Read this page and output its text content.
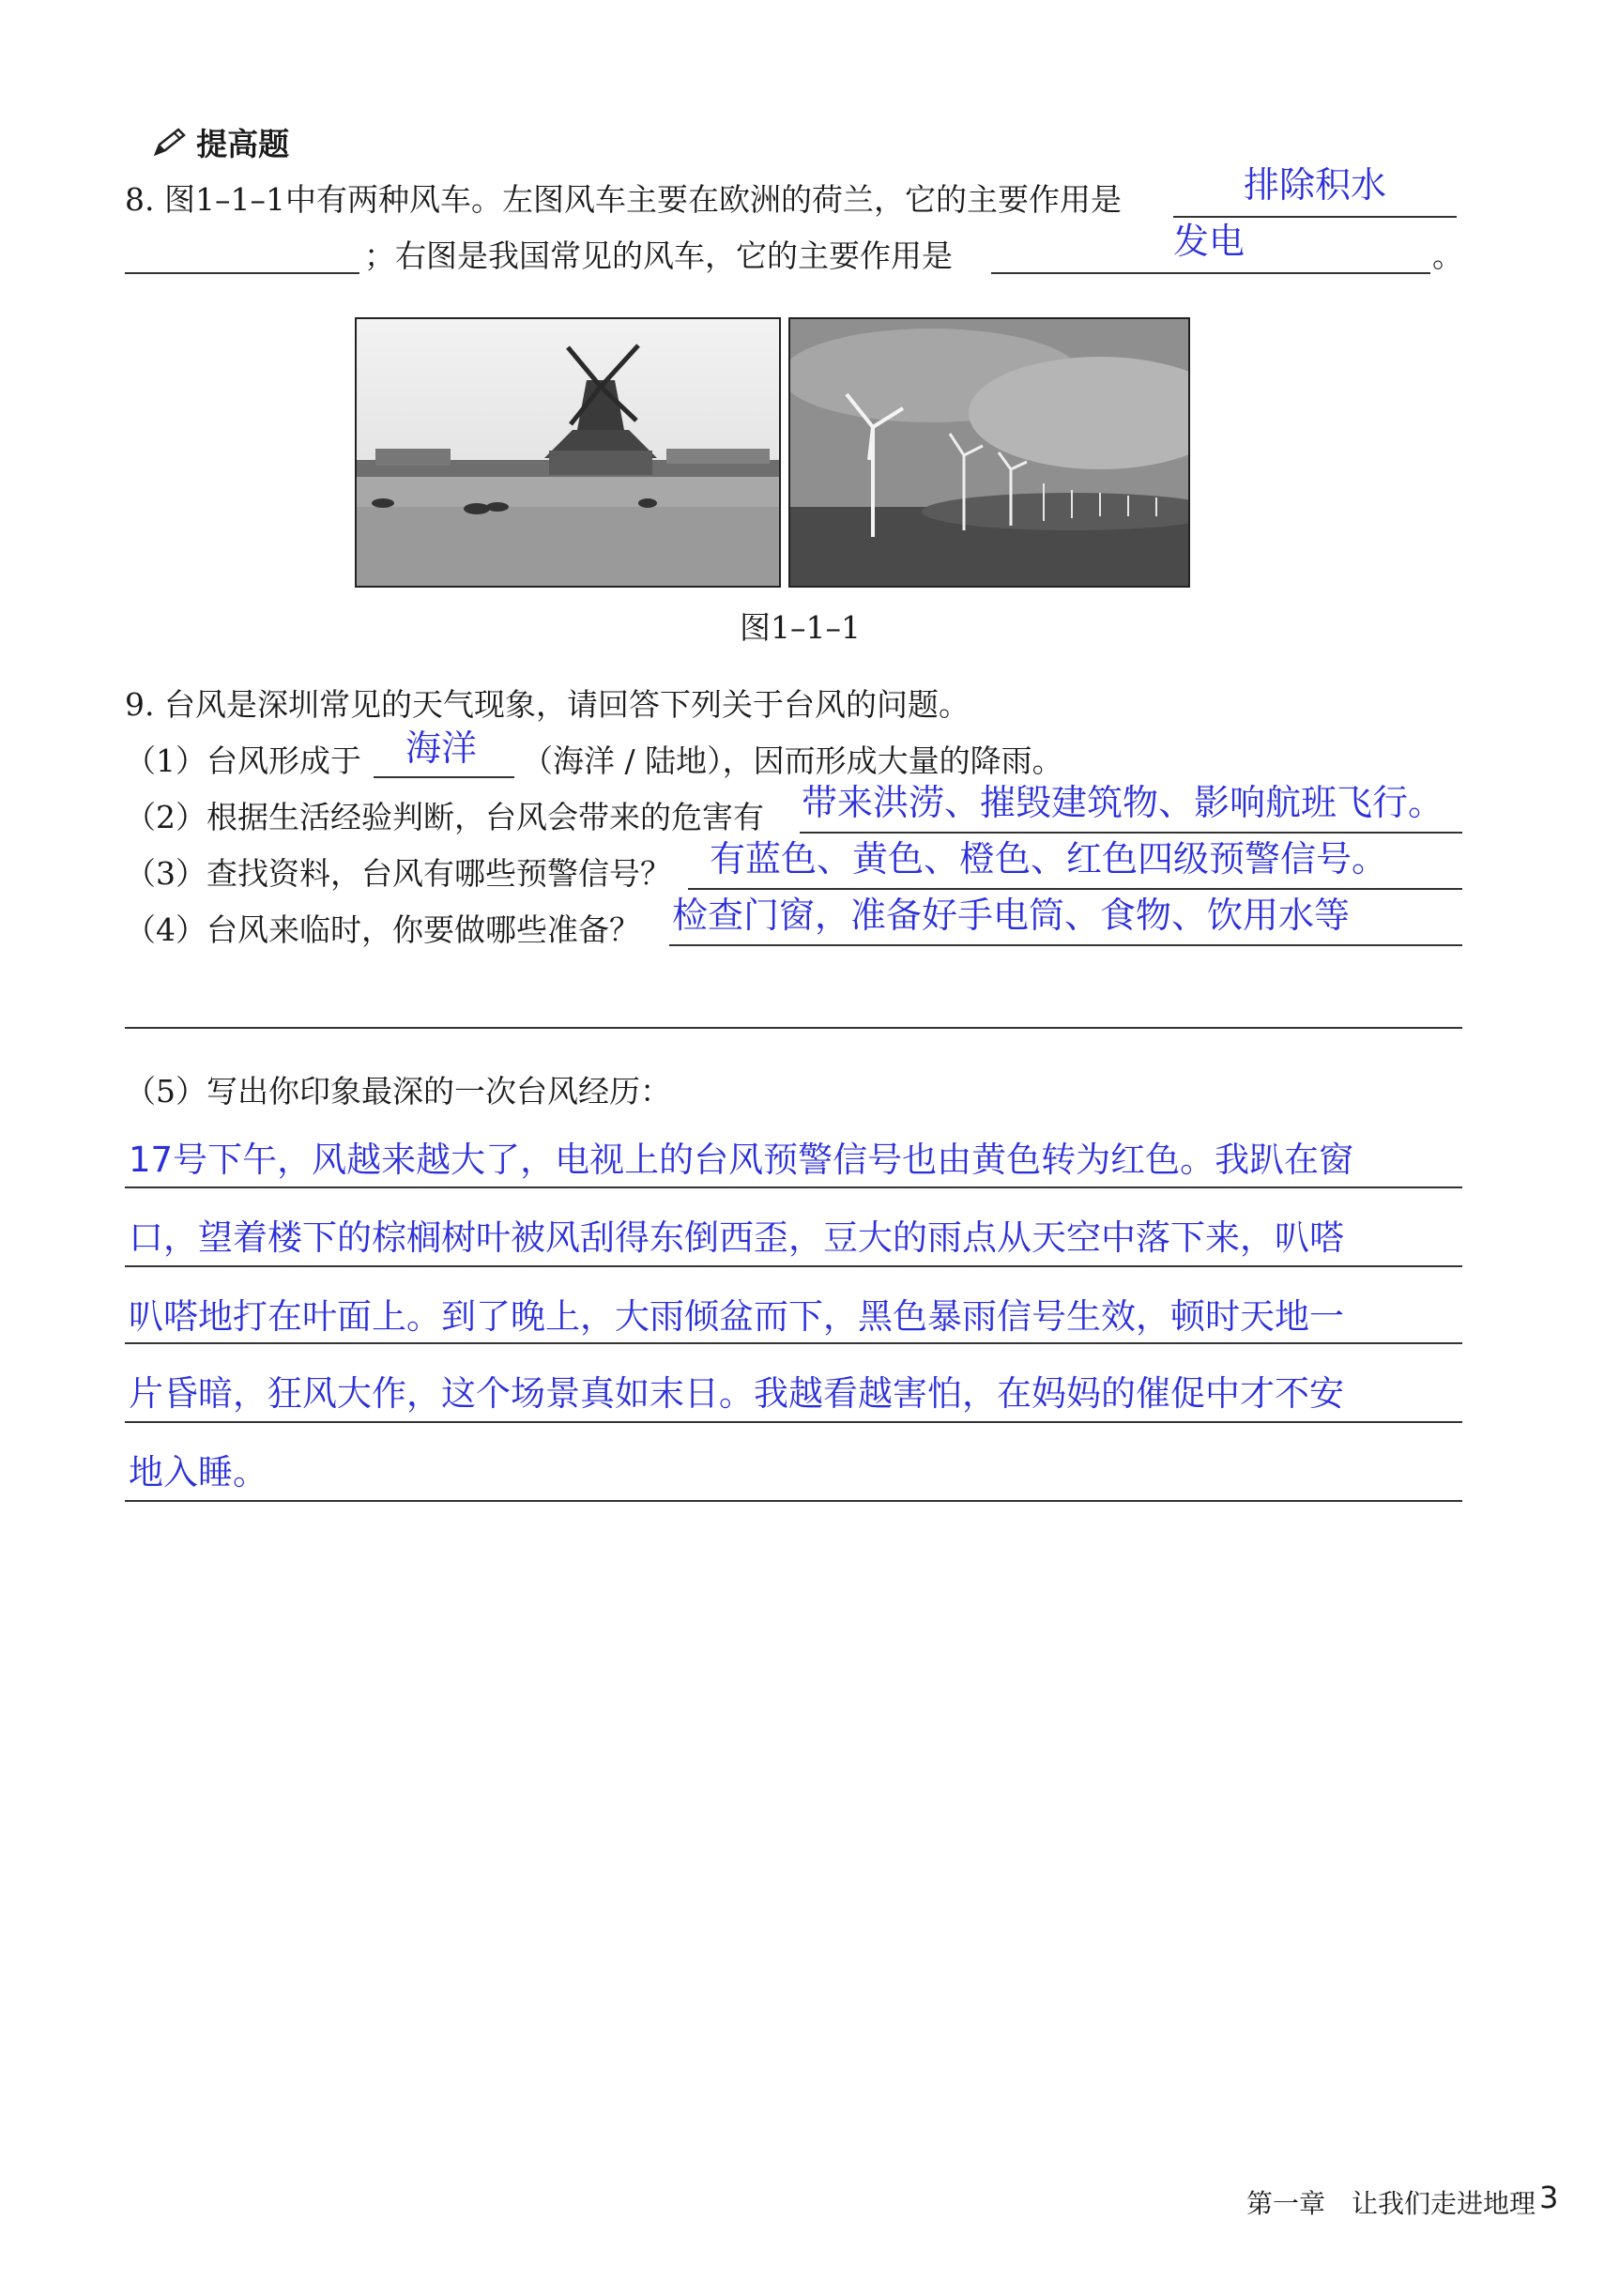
提高题
8. 图1–1–1中有两种风车。左图风车主要在欧洲的荷兰，它的主要作用是	排除积水
；右图是我国常见的风车，它的主要作用是	发电	。
图1–1–1
9. 台风是深圳常见的天气现象，请回答下列关于台风的问题。
（1）台风形成于 海洋 （海洋 / 陆地），因而形成大量的降雨。
（2）根据生活经验判断，台风会带来的危害有 带来洪涝、摧毁建筑物、影响航班飞行。
（3）查找资料，台风有哪些预警信号？ 有蓝色、黄色、橙色、红色四级预警信号。
（4）台风来临时，你要做哪些准备？ 检查门窗，准备好手电筒、食物、饮用水等
（5）写出你印象最深的一次台风经历：
17号下午，风越来越大了，电视上的台风预警信号也由黄色转为红色。我趴在窗
口，望着楼下的棕榈树叶被风刮得东倒西歪，豆大的雨点从天空中落下来，叭嗒
叭嗒地打在叶面上。到了晚上，大雨倾盆而下，黑色暴雨信号生效，顿时天地一
片昏暗，狂风大作，这个场景真如末日。我越看越害怕，在妈妈的催促中才不安
地入睡。
第一章　让我们走进地理 3
